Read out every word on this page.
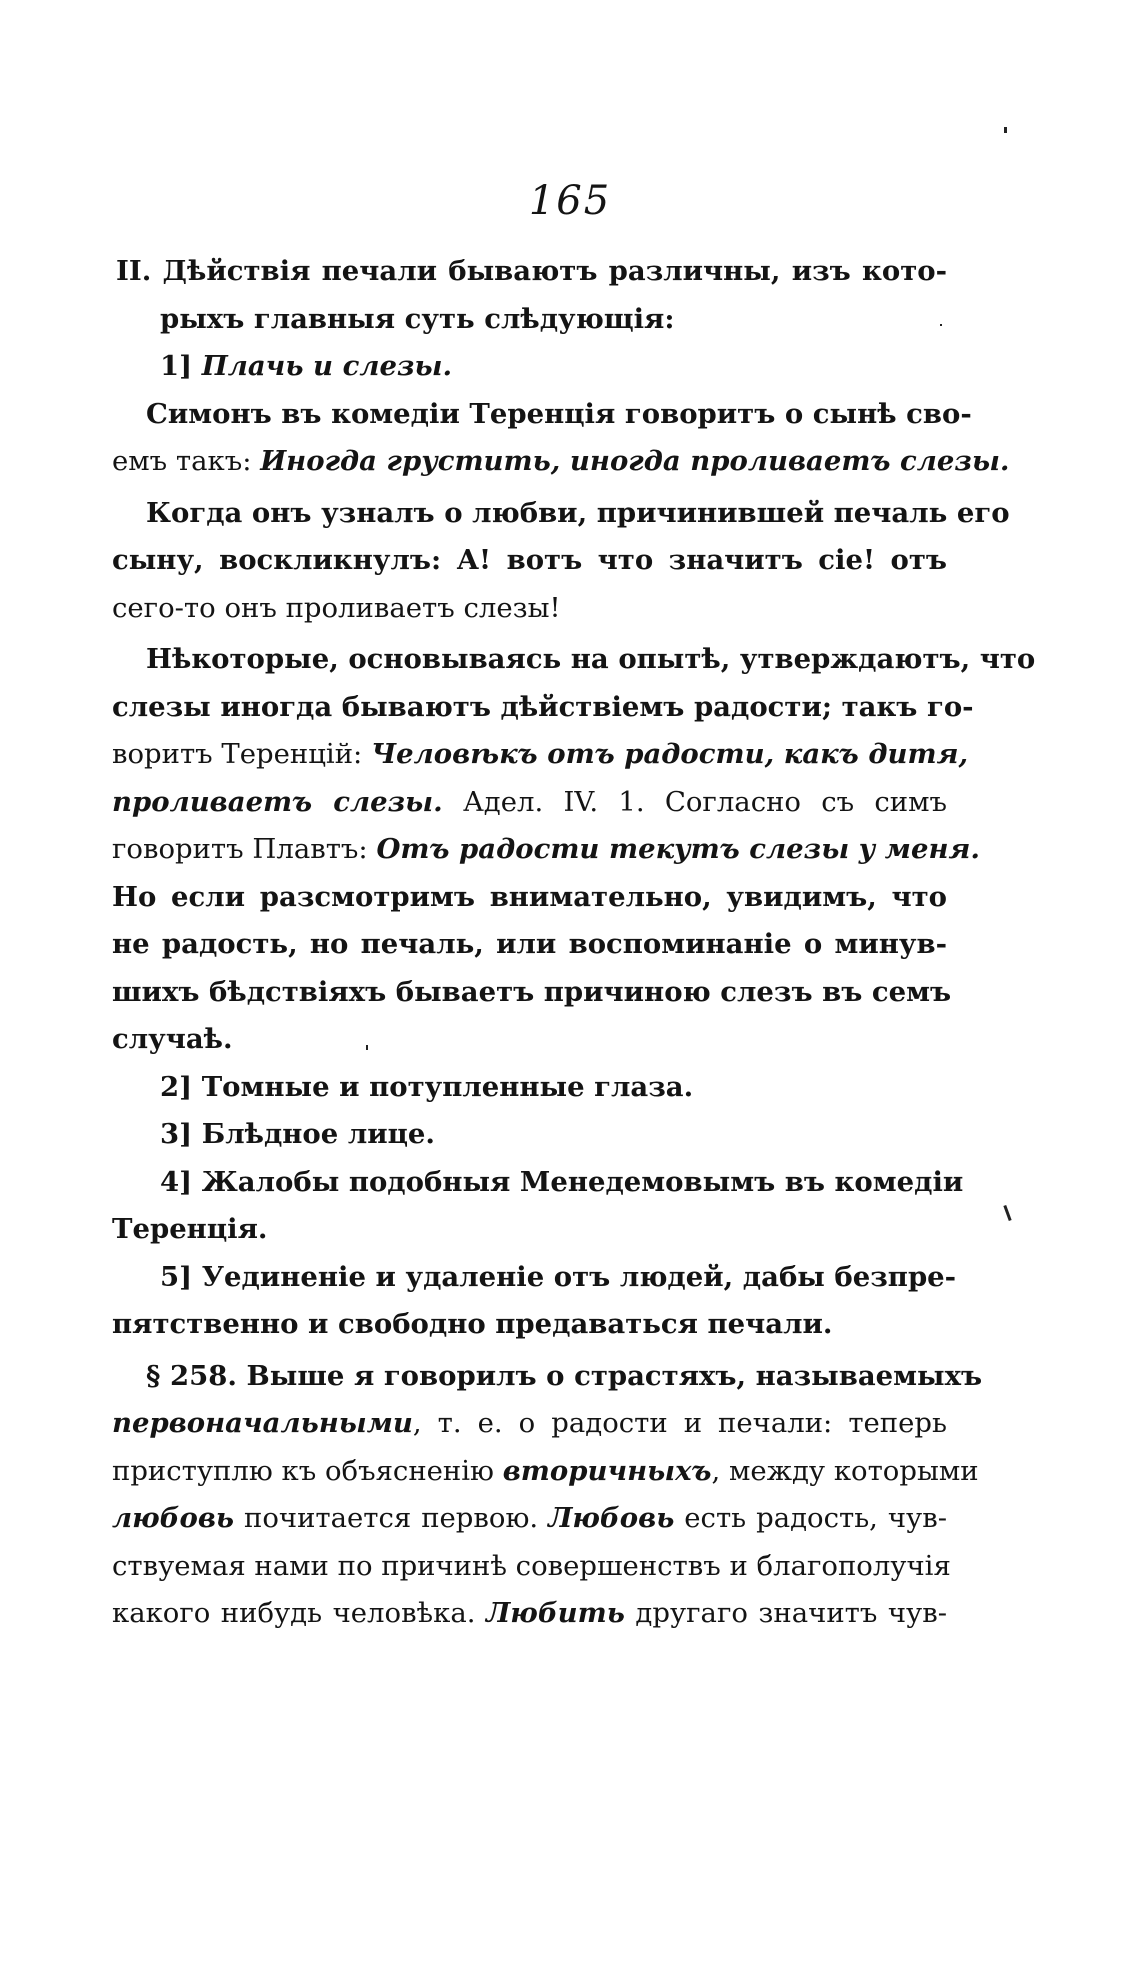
165
II. Дѣйствія печали бываютъ различны, изъ кото-
рыхъ главныя суть слѣдующія:
1] Плачь и слезы.
Симонъ въ комедіи Теренція говоритъ о сынѣ сво-
емъ такъ: Иногда грустить, иногда проливаетъ слезы.
Когда онъ узналъ о любви, причинившей печаль его
сыну, воскликнулъ: А! вотъ что значитъ сіе! отъ
сего-то онъ проливаетъ слезы!
Нѣкоторые, основываясь на опытѣ, утверждаютъ, что
слезы иногда бываютъ дѣйствіемъ радости; такъ го-
воритъ Теренцій: Человѣкъ отъ радости, какъ дитя,
проливаетъ слезы. Адел. IV. 1. Согласно съ симъ
говоритъ Плавтъ: Отъ радости текутъ слезы у меня.
Но если разсмотримъ внимательно, увидимъ, что
не радость, но печаль, или воспоминаніе о минув-
шихъ бѣдствіяхъ бываетъ причиною слезъ въ семъ
случаѣ.
2] Томные и потупленные глаза.
3] Блѣдное лице.
4] Жалобы подобныя Менедемовымъ въ комедіи
Теренція.
5] Уединеніе и удаленіе отъ людей, дабы безпре-
пятственно и свободно предаваться печали.
§ 258. Выше я говорилъ о страстяхъ, называемыхъ
первоначальными, т. е. о радости и печали: теперь
приступлю къ объясненію вторичныхъ, между которыми
любовь почитается первою. Любовь есть радость, чув-
ствуемая нами по причинѣ совершенствъ и благополучія
какого нибудь человѣка. Любить другаго значитъ чув-
